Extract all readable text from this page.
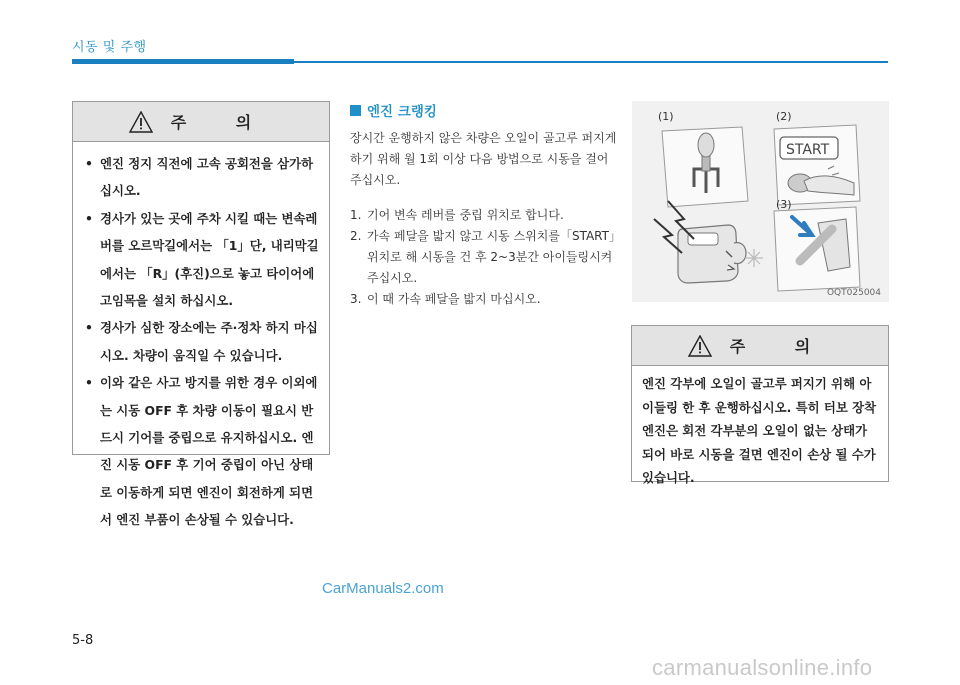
시동 및 주행
주 의
• 엔진 정지 직전에 고속 공회전을 삼가하십시오.
• 경사가 있는 곳에 주차 시킬 때는 변속레버를 오르막길에서는 「1」단, 내리막길에서는 「R」(후진)으로 놓고 타이어에 고임목을 설치 하십시오.
• 경사가 심한 장소에는 주·정차 하지 마십시오. 차량이 움직일 수 있습니다.
• 이와 같은 사고 방지를 위한 경우 이외에는 시동 OFF 후 차량 이동이 필요시 반드시 기어를 중립으로 유지하십시오. 엔진 시동 OFF 후 기어 중립이 아닌 상태로 이동하게 되면 엔진이 회전하게 되면서 엔진 부품이 손상될 수 있습니다.
엔진 크랭킹

장시간 운행하지 않은 차량은 오일이 골고루 퍼지게 하기 위해 월 1회 이상 다음 방법으로 시동을 걸어 주십시오.

1. 기어 변속 레버를 중립 위치로 합니다.
2. 가속 페달을 밟지 않고 시동 스위치를「START」위치로 해 시동을 건 후 2~3분간 아이들링시켜 주십시오.
3. 이 때 가속 페달을 밟지 마십시오.
START
(1)	(2)
(3)
OQT025004
주 의

엔진 각부에 오일이 골고루 퍼지기 위해 아이들링 한 후 운행하십시오. 특히 터보 장착 엔진은 회전 각부분의 오일이 없는 상태가 되어 바로 시동을 걸면 엔진이 손상 될 수가 있습니다.

CarManuals2.com
5-8
carmanualsonline.info
